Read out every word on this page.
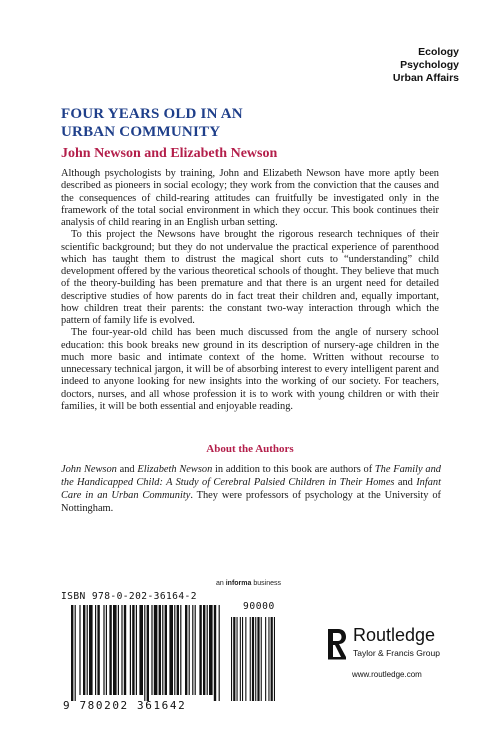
Ecology
Psychology
Urban Affairs
FOUR YEARS OLD IN AN
URBAN COMMUNITY
John Newson and Elizabeth Newson

Although psychologists by training, John and Elizabeth Newson have more aptly been described as pioneers in social ecology; they work from the conviction that the causes and the consequences of child-rearing attitudes can fruitfully be investigated only in the framework of the total social environment in which they occur. This book continues their analysis of child rearing in an English urban setting.

To this project the Newsons have brought the rigorous research techniques of their scientific background; but they do not undervalue the practical experience of parenthood which has taught them to distrust the magical short cuts to “understanding” child development offered by the various theoretical schools of thought. They believe that much of the theory-building has been premature and that there is an urgent need for detailed descriptive studies of how parents do in fact treat their children and, equally important, how children treat their parents: the constant two-way interaction through which the pattern of family life is evolved.

The four-year-old child has been much discussed from the angle of nursery school education: this book breaks new ground in its description of nursery-age children in the much more basic and intimate context of the home. Written without recourse to unnecessary technical jargon, it will be of absorbing interest to every intelligent parent and indeed to anyone looking for new insights into the working of our society. For teachers, doctors, nurses, and all whose profession it is to work with young children or with their families, it will be both essential and enjoyable reading.

About the Authors
John Newson and Elizabeth Newson in addition to this book are authors of The Family and the Handicapped Child: A Study of Cerebral Palsied Children in Their Homes and Infant Care in an Urban Community. They were professors of psychology at the University of Nottingham.
an informa business
ISBN 978-0-202-36164-2
90000
9 780202 361642
Routledge
Taylor & Francis Group
www.routledge.com
